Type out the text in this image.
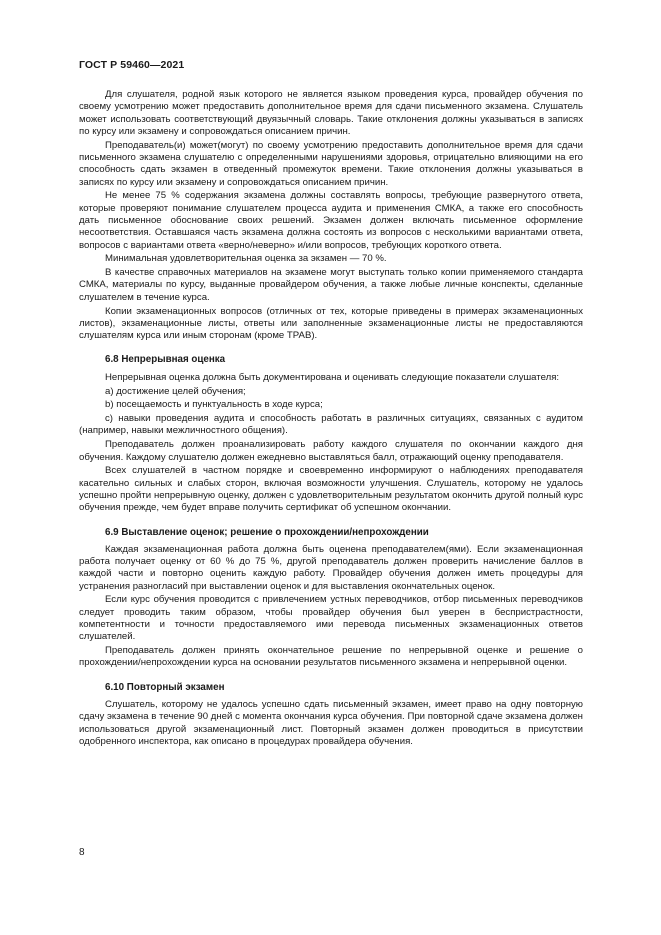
ГОСТ Р 59460—2021

Для слушателя, родной язык которого не является языком проведения курса, провайдер обучения по своему усмотрению может предоставить дополнительное время для сдачи письменного экзамена. Слушатель может использовать соответствующий двуязычный словарь. Такие отклонения должны указываться в записях по курсу или экзамену и сопровождаться описанием причин.

Преподаватель(и) может(могут) по своему усмотрению предоставить дополнительное время для сдачи письменного экзамена слушателю с определенными нарушениями здоровья, отрицательно влияющими на его способность сдать экзамен в отведенный промежуток времени. Такие отклонения должны указываться в записях по курсу или экзамену и сопровождаться описанием причин.

Не менее 75 % содержания экзамена должны составлять вопросы, требующие развернутого ответа, которые проверяют понимание слушателем процесса аудита и применения СМКА, а также его способность дать письменное обоснование своих решений. Экзамен должен включать письменное оформление несоответствия. Оставшаяся часть экзамена должна состоять из вопросов с несколькими вариантами ответа, вопросов с вариантами ответа «верно/неверно» и/или вопросов, требующих короткого ответа.

Минимальная удовлетворительная оценка за экзамен — 70 %.

В качестве справочных материалов на экзамене могут выступать только копии применяемого стандарта СМКА, материалы по курсу, выданные провайдером обучения, а также любые личные конспекты, сделанные слушателем в течение курса.

Копии экзаменационных вопросов (отличных от тех, которые приведены в примерах экзаменационных листов), экзаменационные листы, ответы или заполненные экзаменационные листы не предоставляются слушателям курса или иным сторонам (кроме ТРАВ).

6.8 Непрерывная оценка

Непрерывная оценка должна быть документирована и оценивать следующие показатели слушателя:

a) достижение целей обучения;

b) посещаемость и пунктуальность в ходе курса;

c) навыки проведения аудита и способность работать в различных ситуациях, связанных с аудитом (например, навыки межличностного общения).

Преподаватель должен проанализировать работу каждого слушателя по окончании каждого дня обучения. Каждому слушателю должен ежедневно выставляться балл, отражающий оценку преподавателя.

Всех слушателей в частном порядке и своевременно информируют о наблюдениях преподавателя касательно сильных и слабых сторон, включая возможности улучшения. Слушатель, которому не удалось успешно пройти непрерывную оценку, должен с удовлетворительным результатом окончить другой полный курс обучения прежде, чем будет вправе получить сертификат об успешном окончании.

6.9 Выставление оценок; решение о прохождении/непрохождении

Каждая экзаменационная работа должна быть оценена преподавателем(ями). Если экзаменационная работа получает оценку от 60 % до 75 %, другой преподаватель должен проверить начисление баллов в каждой части и повторно оценить каждую работу. Провайдер обучения должен иметь процедуры для устранения разногласий при выставлении оценок и для выставления окончательных оценок.

Если курс обучения проводится с привлечением устных переводчиков, отбор письменных переводчиков следует проводить таким образом, чтобы провайдер обучения был уверен в беспристрастности, компетентности и точности предоставляемого ими перевода письменных экзаменационных ответов слушателей.

Преподаватель должен принять окончательное решение по непрерывной оценке и решение о прохождении/непрохождении курса на основании результатов письменного экзамена и непрерывной оценки.

6.10 Повторный экзамен

Слушатель, которому не удалось успешно сдать письменный экзамен, имеет право на одну повторную сдачу экзамена в течение 90 дней с момента окончания курса обучения. При повторной сдаче экзамена должен использоваться другой экзаменационный лист. Повторный экзамен должен проводиться в присутствии одобренного инспектора, как описано в процедурах провайдера обучения.

8
